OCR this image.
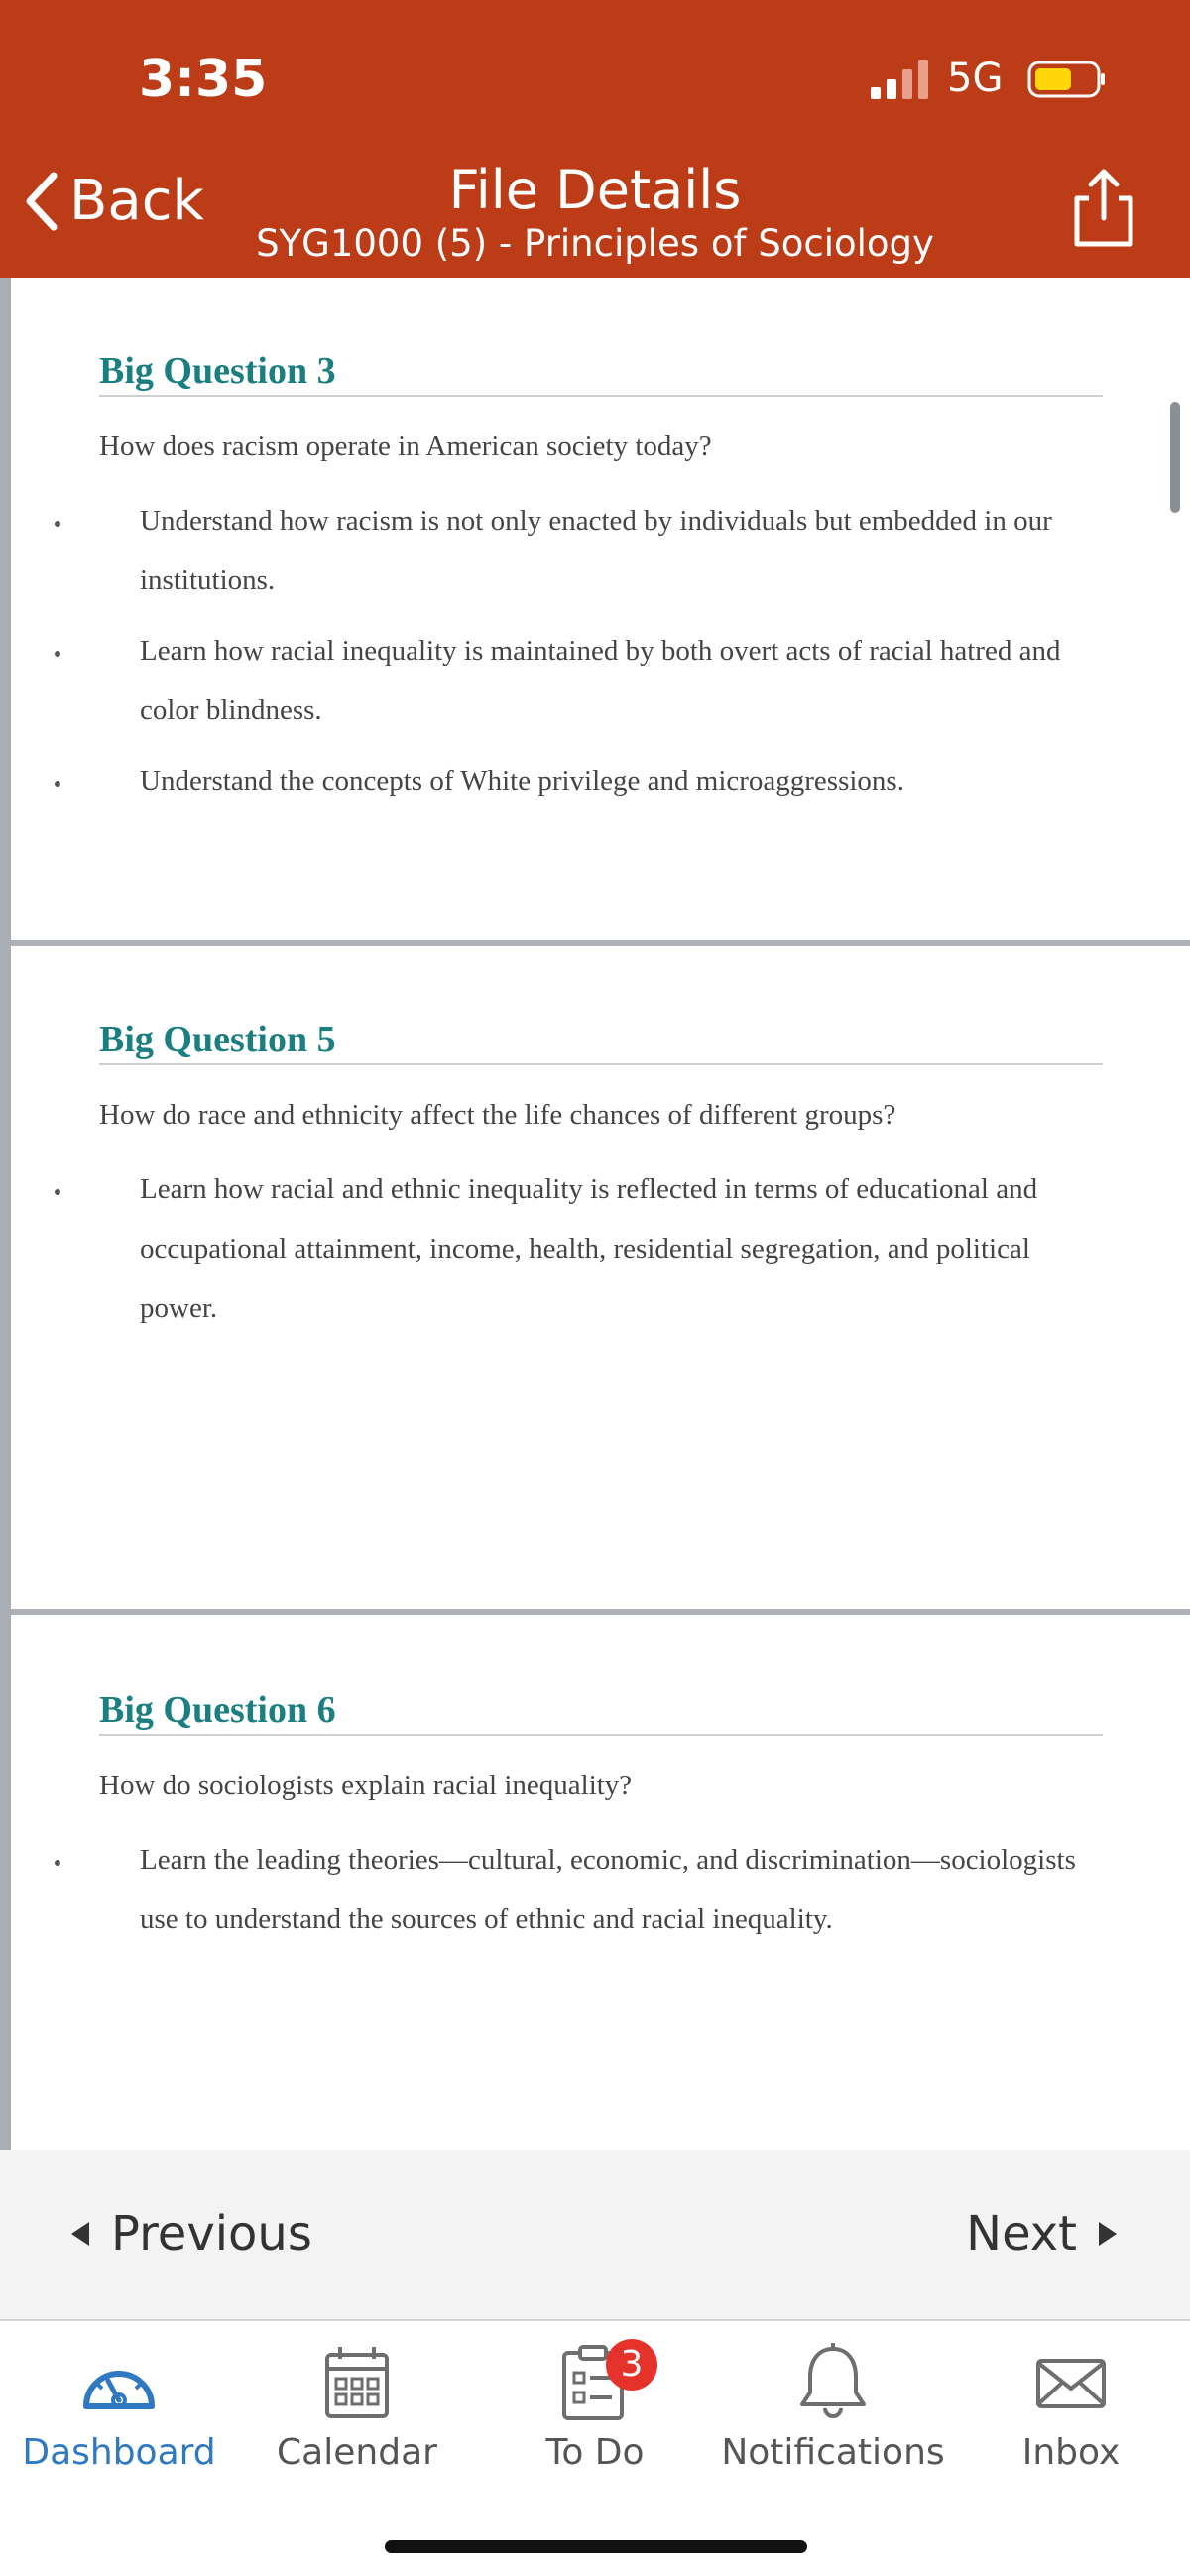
3:35	5G
Back	File Details
SYG1000 (5) - Principles of Sociology
Big Question 3
How does racism operate in American society today?
Understand how racism is not only enacted by individuals but embedded in our institutions.
Learn how racial inequality is maintained by both overt acts of racial hatred and color blindness.
Understand the concepts of White privilege and microaggressions.
Big Question 5
How do race and ethnicity affect the life chances of different groups?
Learn how racial and ethnic inequality is reflected in terms of educational and occupational attainment, income, health, residential segregation, and political power.
Big Question 6
How do sociologists explain racial inequality?
Learn the leading theories—cultural, economic, and discrimination—sociologists use to understand the sources of ethnic and racial inequality.
Previous	Next
Dashboard	Calendar
3
To Do	Notifications	Inbox
